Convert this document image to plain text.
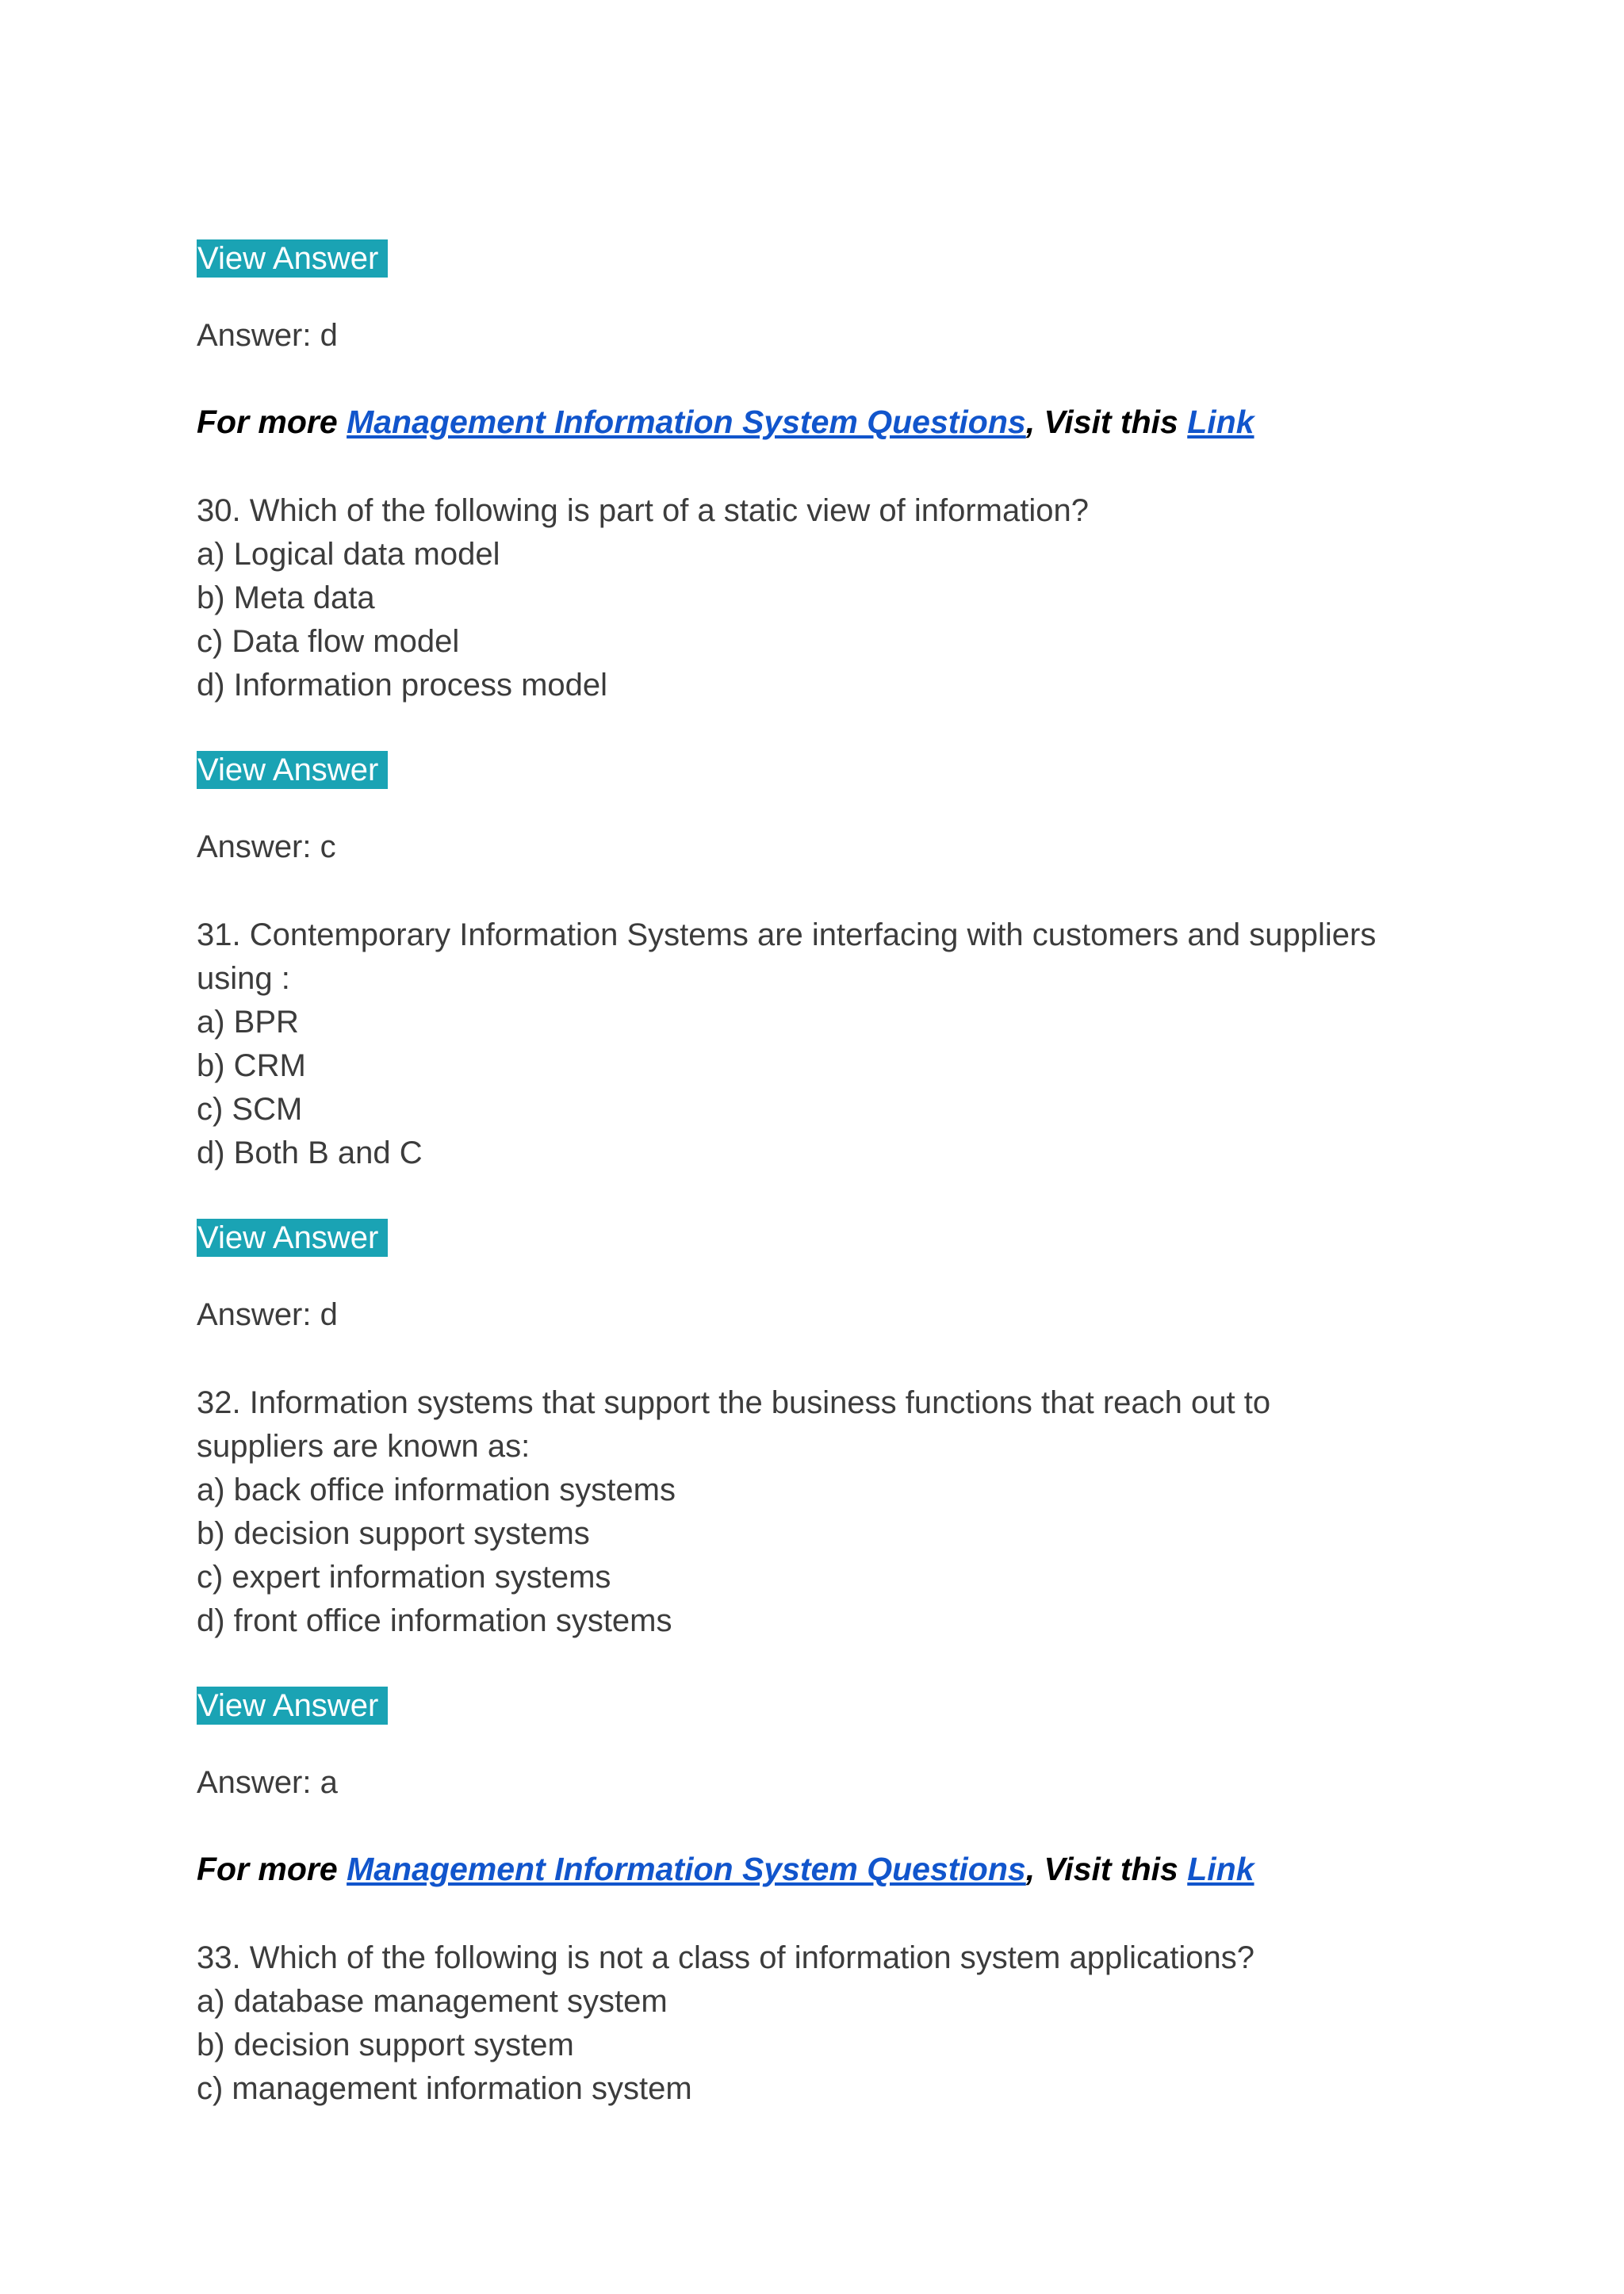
View Answer
Answer: d
For more Management Information System Questions, Visit this Link
30. Which of the following is part of a static view of information?
a) Logical data model
b) Meta data
c) Data flow model
d) Information process model
View Answer
Answer: c
31. Contemporary Information Systems are interfacing with customers and suppliers
using :
a) BPR
b) CRM
c) SCM
d) Both B and C
View Answer
Answer: d
32. Information systems that support the business functions that reach out to
suppliers are known as:
a) back office information systems
b) decision support systems
c) expert information systems
d) front office information systems
View Answer
Answer: a
For more Management Information System Questions, Visit this Link
33. Which of the following is not a class of information system applications?
a) database management system
b) decision support system
c) management information system
